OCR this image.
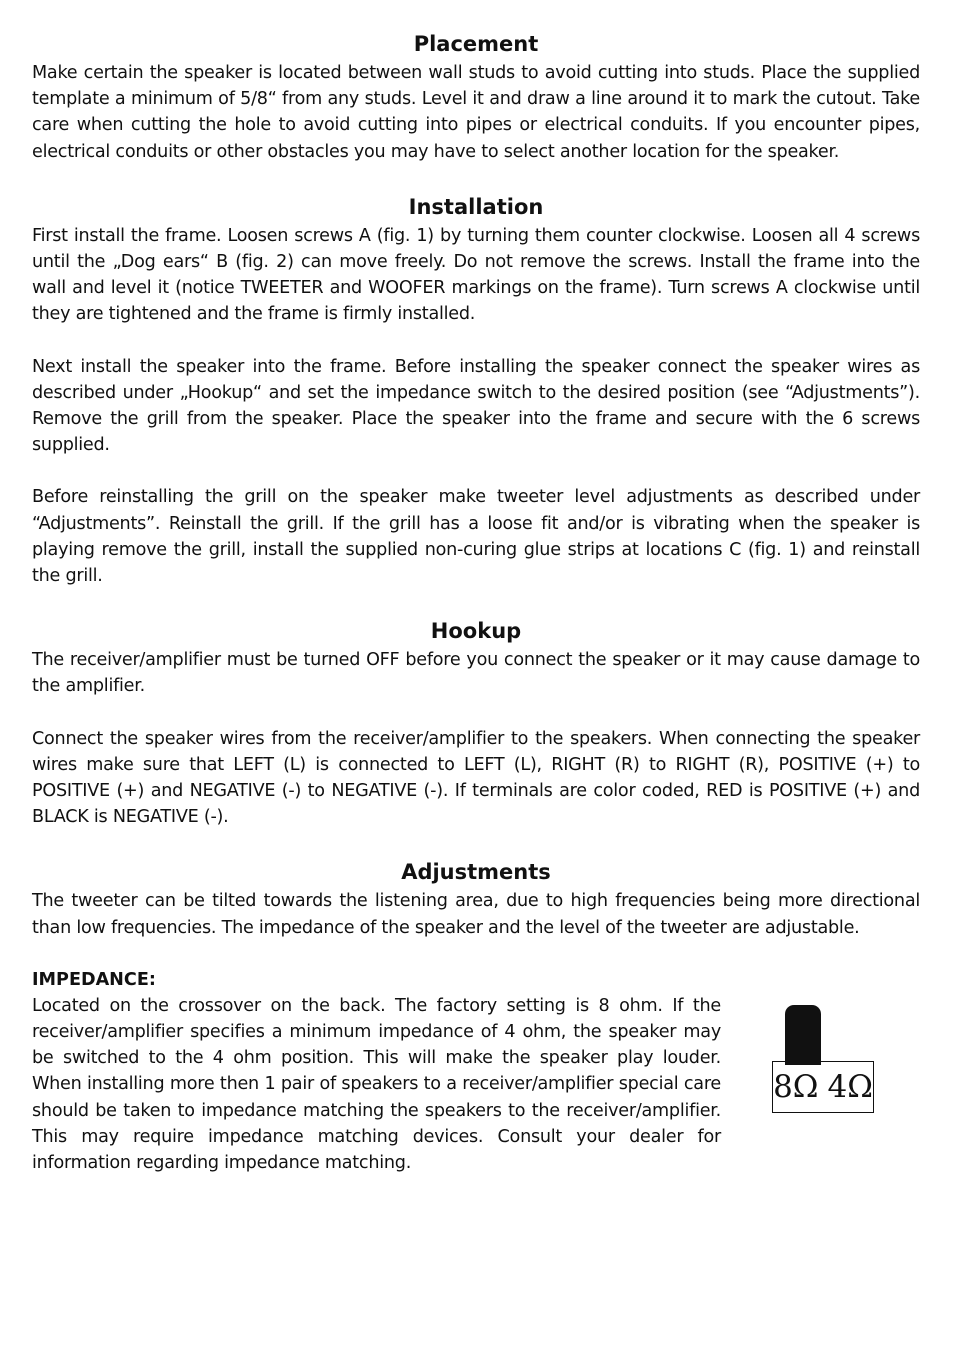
Placement

Make certain the speaker is located between wall studs to avoid cutting into studs. Place the supplied template a minimum of 5/8“ from any studs. Level it and draw a line around it to mark the cutout. Take care when cutting the hole to avoid cutting into pipes or electrical conduits. If you encounter pipes, electrical conduits or other obstacles you may have to select another location for the speaker.

Installation

First install the frame. Loosen screws A (fig. 1) by turning them counter clockwise. Loosen all 4 screws until the „Dog ears“ B (fig. 2) can move freely. Do not remove the screws. Install the frame into the wall and level it (notice TWEETER and WOOFER markings on the frame). Turn screws A clockwise until they are tightened and the frame is firmly installed.

Next install the speaker into the frame. Before installing the speaker connect the speaker wires as described under „Hookup“ and set the impedance switch to the desired position (see “Adjustments”). Remove the grill from the speaker. Place the speaker into the frame and secure with the 6 screws supplied.

Before reinstalling the grill on the speaker make tweeter level adjustments as described under “Adjustments”. Reinstall the grill. If the grill has a loose fit and/or is vibrating when the speaker is playing remove the grill, install the supplied non-curing glue strips at locations C (fig. 1) and reinstall the grill.

Hookup

The receiver/amplifier must be turned OFF before you connect the speaker or it may cause damage to the amplifier.

Connect the speaker wires from the receiver/amplifier to the speakers. When connecting the speaker wires make sure that LEFT (L) is connected to LEFT (L), RIGHT (R) to RIGHT (R), POSITIVE (+) to POSITIVE (+) and NEGATIVE (-) to NEGATIVE (-). If terminals are color coded, RED is POSITIVE (+) and BLACK is NEGATIVE (-).

Adjustments

The tweeter can be tilted towards the listening area, due to high frequencies being more directional than low frequencies. The impedance of the speaker and the level of the tweeter are adjustable.

IMPEDANCE:

Located on the crossover on the back. The factory setting is 8 ohm. If the receiver/amplifier specifies a minimum impedance of 4 ohm, the speaker may be switched to the 4 ohm position. This will make the speaker play louder. When installing more then 1 pair of speakers to a receiver/amplifier special care should be taken to impedance matching the speakers to the receiver/amplifier. This may require impedance matching devices. Consult your dealer for information regarding impedance matching.

8Ω 4Ω
